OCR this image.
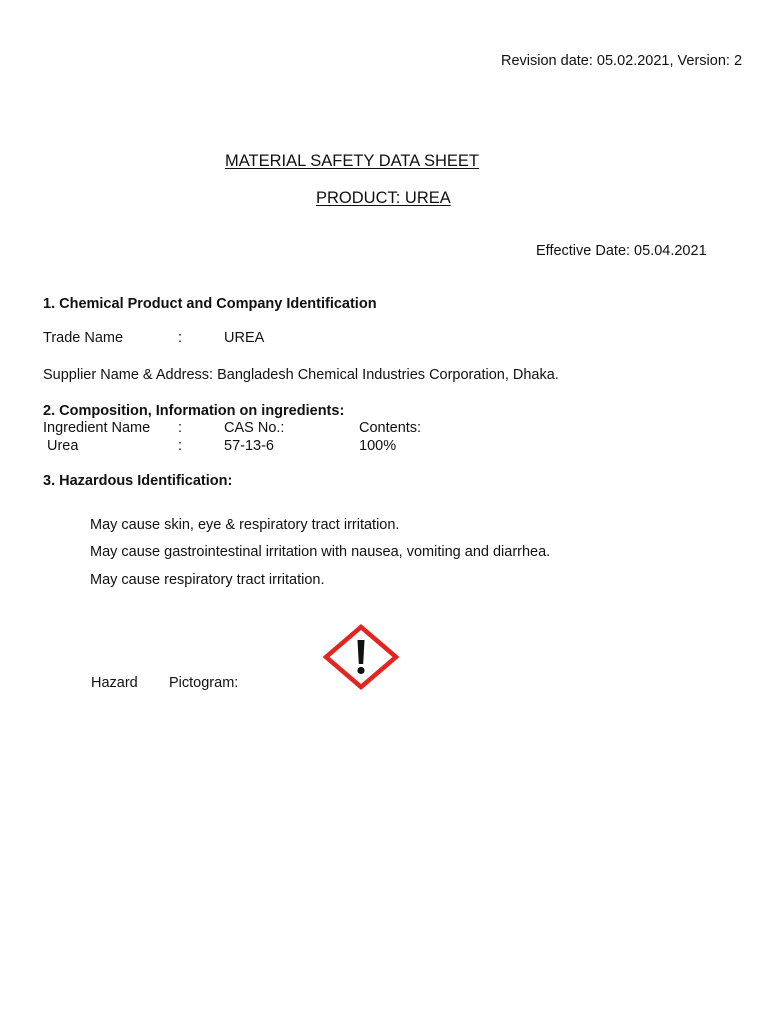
Revision date: 05.02.2021, Version: 2
MATERIAL SAFETY DATA SHEET
PRODUCT: UREA
Effective Date: 05.04.2021
1. Chemical Product and Company Identification
Trade Name	:	UREA
Supplier Name & Address: Bangladesh Chemical Industries Corporation, Dhaka.
2. Composition, Information on ingredients:
Ingredient Name :	CAS No.:	Contents:
Urea	:	57-13-6	100%
3. Hazardous Identification:
May cause skin, eye & respiratory tract irritation.
May cause gastrointestinal irritation with nausea, vomiting and diarrhea.
May cause respiratory tract irritation.
Hazard Pictogram:
